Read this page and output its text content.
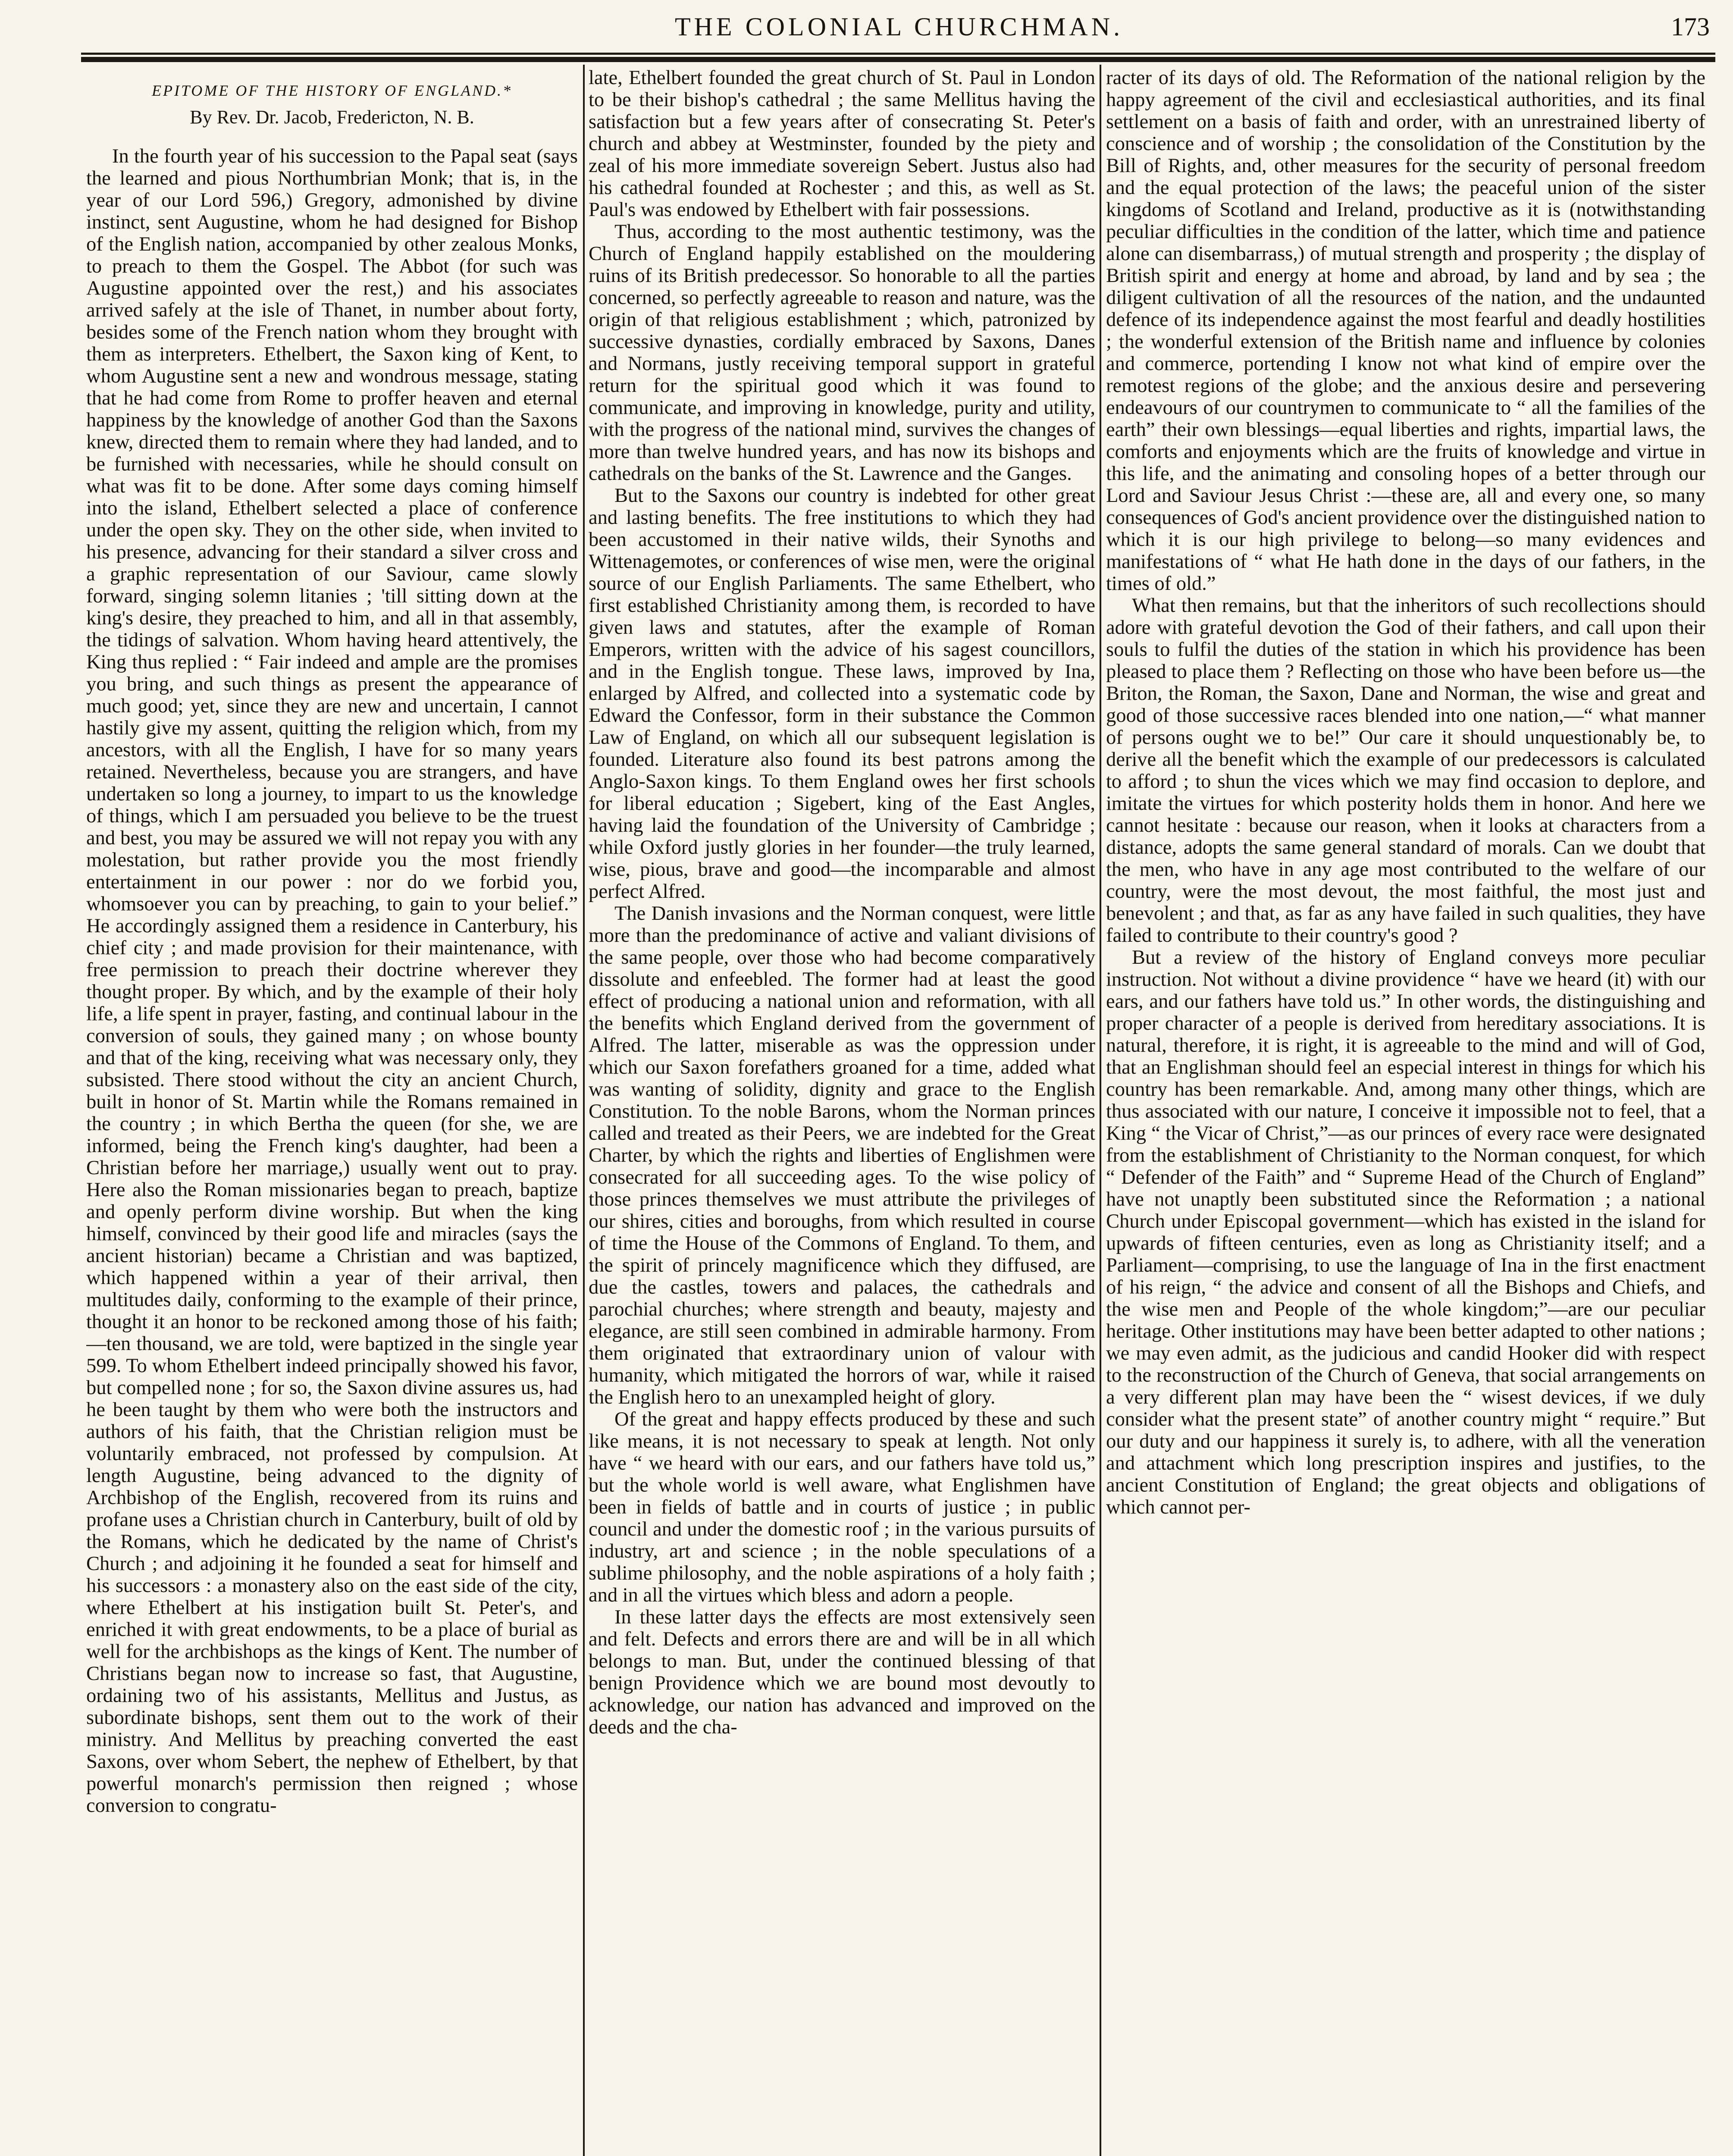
THE COLONIAL CHURCHMAN.	173
EPITOME OF THE HISTORY OF ENGLAND.*
By Rev. Dr. Jacob, Fredericton, N. B.

In the fourth year of his succession to the Papal seat (says the learned and pious Northumbrian Monk; that is, in the year of our Lord 596,) Gregory, admonished by divine instinct, sent Augustine, whom he had designed for Bishop of the English nation, accompanied by other zealous Monks, to preach to them the Gospel. The Abbot (for such was Augustine appointed over the rest,) and his associates arrived safely at the isle of Thanet, in number about forty, besides some of the French nation whom they brought with them as interpreters. Ethelbert, the Saxon king of Kent, to whom Augustine sent a new and wondrous message, stating that he had come from Rome to proffer heaven and eternal happiness by the knowledge of another God than the Saxons knew, directed them to remain where they had landed, and to be furnished with necessaries, while he should consult on what was fit to be done. After some days coming himself into the island, Ethelbert selected a place of conference under the open sky. They on the other side, when invited to his presence, advancing for their standard a silver cross and a graphic representation of our Saviour, came slowly forward, singing solemn litanies ; 'till sitting down at the king's desire, they preached to him, and all in that assembly, the tidings of salvation. Whom having heard attentively, the King thus replied : “ Fair indeed and ample are the promises you bring, and such things as present the appearance of much good; yet, since they are new and uncertain, I cannot hastily give my assent, quitting the religion which, from my ancestors, with all the English, I have for so many years retained. Nevertheless, because you are strangers, and have undertaken so long a journey, to impart to us the knowledge of things, which I am persuaded you believe to be the truest and best, you may be assured we will not repay you with any molestation, but rather provide you the most friendly entertainment in our power : nor do we forbid you, whomsoever you can by preaching, to gain to your belief.” He accordingly assigned them a residence in Canterbury, his chief city ; and made provision for their maintenance, with free permission to preach their doctrine wherever they thought proper. By which, and by the example of their holy life, a life spent in prayer, fasting, and continual labour in the conversion of souls, they gained many ; on whose bounty and that of the king, receiving what was necessary only, they subsisted. There stood without the city an ancient Church, built in honor of St. Martin while the Romans remained in the country ; in which Bertha the queen (for she, we are informed, being the French king's daughter, had been a Christian before her marriage,) usually went out to pray. Here also the Roman missionaries began to preach, baptize and openly perform divine worship. But when the king himself, convinced by their good life and miracles (says the ancient historian) became a Christian and was baptized, which happened within a year of their arrival, then multitudes daily, conforming to the example of their prince, thought it an honor to be reckoned among those of his faith;—ten thousand, we are told, were baptized in the single year 599. To whom Ethelbert indeed principally showed his favor, but compelled none ; for so, the Saxon divine assures us, had he been taught by them who were both the instructors and authors of his faith, that the Christian religion must be voluntarily embraced, not professed by compulsion. At length Augustine, being advanced to the dignity of Archbishop of the English, recovered from its ruins and profane uses a Christian church in Canterbury, built of old by the Romans, which he dedicated by the name of Christ's Church ; and adjoining it he founded a seat for himself and his successors : a monastery also on the east side of the city, where Ethelbert at his instigation built St. Peter's, and enriched it with great endowments, to be a place of burial as well for the archbishops as the kings of Kent. The number of Christians began now to increase so fast, that Augustine, ordaining two of his assistants, Mellitus and Justus, as subordinate bishops, sent them out to the work of their ministry. And Mellitus by preaching converted the east Saxons, over whom Sebert, the nephew of Ethelbert, by that powerful monarch's permission then reigned ; whose conversion to congratu-

late, Ethelbert founded the great church of St. Paul in London to be their bishop's cathedral ; the same Mellitus having the satisfaction but a few years after of consecrating St. Peter's church and abbey at Westminster, founded by the piety and zeal of his more immediate sovereign Sebert. Justus also had his cathedral founded at Rochester ; and this, as well as St. Paul's was endowed by Ethelbert with fair possessions.

Thus, according to the most authentic testimony, was the Church of England happily established on the mouldering ruins of its British predecessor. So honorable to all the parties concerned, so perfectly agreeable to reason and nature, was the origin of that religious establishment ; which, patronized by successive dynasties, cordially embraced by Saxons, Danes and Normans, justly receiving temporal support in grateful return for the spiritual good which it was found to communicate, and improving in knowledge, purity and utility, with the progress of the national mind, survives the changes of more than twelve hundred years, and has now its bishops and cathedrals on the banks of the St. Lawrence and the Ganges.

But to the Saxons our country is indebted for other great and lasting benefits. The free institutions to which they had been accustomed in their native wilds, their Synoths and Wittenagemotes, or conferences of wise men, were the original source of our English Parliaments. The same Ethelbert, who first established Christianity among them, is recorded to have given laws and statutes, after the example of Roman Emperors, written with the advice of his sagest councillors, and in the English tongue. These laws, improved by Ina, enlarged by Alfred, and collected into a systematic code by Edward the Confessor, form in their substance the Common Law of England, on which all our subsequent legislation is founded. Literature also found its best patrons among the Anglo-Saxon kings. To them England owes her first schools for liberal education ; Sigebert, king of the East Angles, having laid the foundation of the University of Cambridge ; while Oxford justly glories in her founder—the truly learned, wise, pious, brave and good—the incomparable and almost perfect Alfred.

The Danish invasions and the Norman conquest, were little more than the predominance of active and valiant divisions of the same people, over those who had become comparatively dissolute and enfeebled. The former had at least the good effect of producing a national union and reformation, with all the benefits which England derived from the government of Alfred. The latter, miserable as was the oppression under which our Saxon forefathers groaned for a time, added what was wanting of solidity, dignity and grace to the English Constitution. To the noble Barons, whom the Norman princes called and treated as their Peers, we are indebted for the Great Charter, by which the rights and liberties of Englishmen were consecrated for all succeeding ages. To the wise policy of those princes themselves we must attribute the privileges of our shires, cities and boroughs, from which resulted in course of time the House of the Commons of England. To them, and the spirit of princely magnificence which they diffused, are due the castles, towers and palaces, the cathedrals and parochial churches; where strength and beauty, majesty and elegance, are still seen combined in admirable harmony. From them originated that extraordinary union of valour with humanity, which mitigated the horrors of war, while it raised the English hero to an unexampled height of glory.

Of the great and happy effects produced by these and such like means, it is not necessary to speak at length. Not only have “ we heard with our ears, and our fathers have told us,” but the whole world is well aware, what Englishmen have been in fields of battle and in courts of justice ; in public council and under the domestic roof ; in the various pursuits of industry, art and science ; in the noble speculations of a sublime philosophy, and the noble aspirations of a holy faith ; and in all the virtues which bless and adorn a people.

In these latter days the effects are most extensively seen and felt. Defects and errors there are and will be in all which belongs to man. But, under the continued blessing of that benign Providence which we are bound most devoutly to acknowledge, our nation has advanced and improved on the deeds and the cha-

racter of its days of old. The Reformation of the national religion by the happy agreement of the civil and ecclesiastical authorities, and its final settlement on a basis of faith and order, with an unrestrained liberty of conscience and of worship ; the consolidation of the Constitution by the Bill of Rights, and, other measures for the security of personal freedom and the equal protection of the laws; the peaceful union of the sister kingdoms of Scotland and Ireland, productive as it is (notwithstanding peculiar difficulties in the condition of the latter, which time and patience alone can disembarrass,) of mutual strength and prosperity ; the display of British spirit and energy at home and abroad, by land and by sea ; the diligent cultivation of all the resources of the nation, and the undaunted defence of its independence against the most fearful and deadly hostilities ; the wonderful extension of the British name and influence by colonies and commerce, portending I know not what kind of empire over the remotest regions of the globe; and the anxious desire and persevering endeavours of our countrymen to communicate to “ all the families of the earth” their own blessings—equal liberties and rights, impartial laws, the comforts and enjoyments which are the fruits of knowledge and virtue in this life, and the animating and consoling hopes of a better through our Lord and Saviour Jesus Christ :—these are, all and every one, so many consequences of God's ancient providence over the distinguished nation to which it is our high privilege to belong—so many evidences and manifestations of “ what He hath done in the days of our fathers, in the times of old.”

What then remains, but that the inheritors of such recollections should adore with grateful devotion the God of their fathers, and call upon their souls to fulfil the duties of the station in which his providence has been pleased to place them ? Reflecting on those who have been before us—the Briton, the Roman, the Saxon, Dane and Norman, the wise and great and good of those successive races blended into one nation,—“ what manner of persons ought we to be!” Our care it should unquestionably be, to derive all the benefit which the example of our predecessors is calculated to afford ; to shun the vices which we may find occasion to deplore, and imitate the virtues for which posterity holds them in honor. And here we cannot hesitate : because our reason, when it looks at characters from a distance, adopts the same general standard of morals. Can we doubt that the men, who have in any age most contributed to the welfare of our country, were the most devout, the most faithful, the most just and benevolent ; and that, as far as any have failed in such qualities, they have failed to contribute to their country's good ?

But a review of the history of England conveys more peculiar instruction. Not without a divine providence “ have we heard (it) with our ears, and our fathers have told us.” In other words, the distinguishing and proper character of a people is derived from hereditary associations. It is natural, therefore, it is right, it is agreeable to the mind and will of God, that an Englishman should feel an especial interest in things for which his country has been remarkable. And, among many other things, which are thus associated with our nature, I conceive it impossible not to feel, that a King “ the Vicar of Christ,”—as our princes of every race were designated from the establishment of Christianity to the Norman conquest, for which “ Defender of the Faith” and “ Supreme Head of the Church of England” have not unaptly been substituted since the Reformation ; a national Church under Episcopal government—which has existed in the island for upwards of fifteen centuries, even as long as Christianity itself; and a Parliament—comprising, to use the language of Ina in the first enactment of his reign, “ the advice and consent of all the Bishops and Chiefs, and the wise men and People of the whole kingdom;”—are our peculiar heritage. Other institutions may have been better adapted to other nations ; we may even admit, as the judicious and candid Hooker did with respect to the reconstruction of the Church of Geneva, that social arrangements on a very different plan may have been the “ wisest devices, if we duly consider what the present state” of another country might “ require.” But our duty and our happiness it surely is, to adhere, with all the veneration and attachment which long prescription inspires and justifies, to the ancient Constitution of England; the great objects and obligations of which cannot per-
